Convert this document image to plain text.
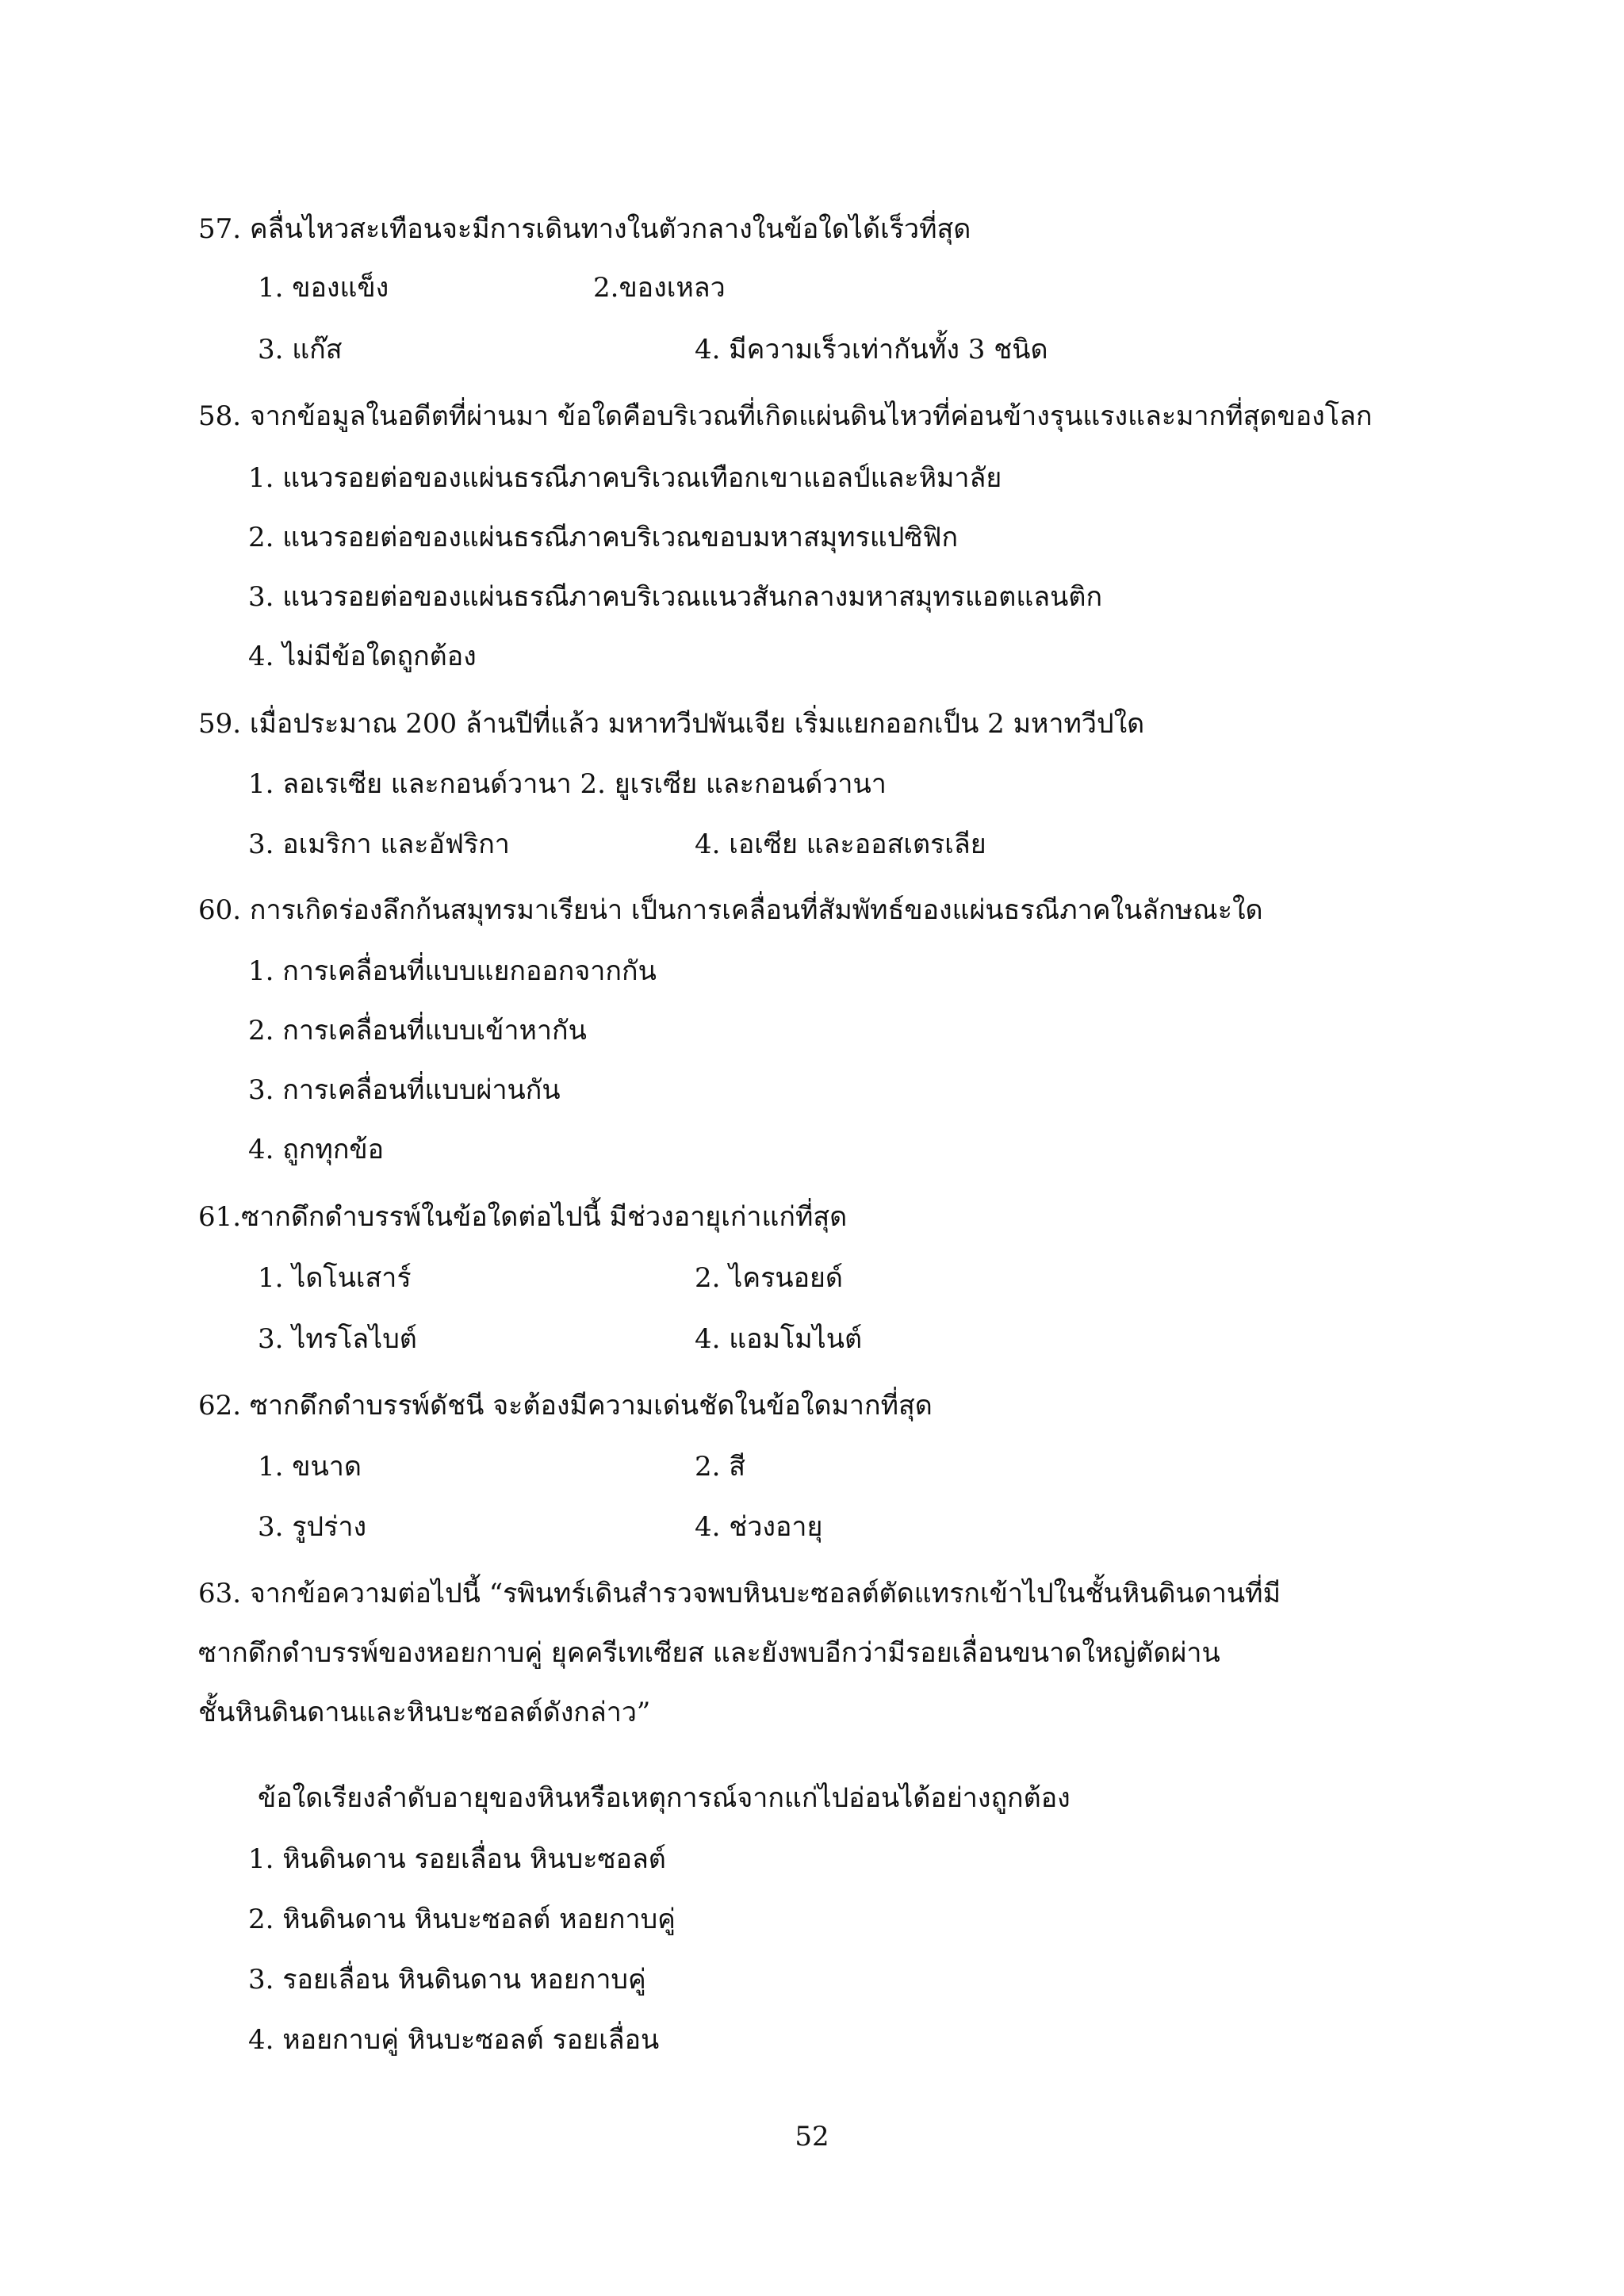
57. คลื่นไหวสะเทือนจะมีการเดินทางในตัวกลางในข้อใดได้เร็วที่สุด
1. ของแข็ง	2.ของเหลว
3. แก๊ส	4. มีความเร็วเท่ากันทั้ง 3 ชนิด
58. จากข้อมูลในอดีตที่ผ่านมา ข้อใดคือบริเวณที่เกิดแผ่นดินไหวที่ค่อนข้างรุนแรงและมากที่สุดของโลก
1. แนวรอยต่อของแผ่นธรณีภาคบริเวณเทือกเขาแอลป์และหิมาลัย
2. แนวรอยต่อของแผ่นธรณีภาคบริเวณขอบมหาสมุทรแปซิฟิก
3. แนวรอยต่อของแผ่นธรณีภาคบริเวณแนวสันกลางมหาสมุทรแอตแลนติก
4. ไม่มีข้อใดถูกต้อง
59. เมื่อประมาณ 200 ล้านปีที่แล้ว มหาทวีปพันเจีย เริ่มแยกออกเป็น 2 มหาทวีปใด
1. ลอเรเซีย และกอนด์วานา 2. ยูเรเซีย และกอนด์วานา
3. อเมริกา และอัฟริกา	4. เอเซีย และออสเตรเลีย
60. การเกิดร่องลึกก้นสมุทรมาเรียน่า เป็นการเคลื่อนที่สัมพัทธ์ของแผ่นธรณีภาคในลักษณะใด
1. การเคลื่อนที่แบบแยกออกจากกัน
2. การเคลื่อนที่แบบเข้าหากัน
3. การเคลื่อนที่แบบผ่านกัน
4. ถูกทุกข้อ
61.ซากดึกดำบรรพ์ในข้อใดต่อไปนี้ มีช่วงอายุเก่าแก่ที่สุด
1. ไดโนเสาร์	2. ไครนอยด์
3. ไทรโลไบต์	4. แอมโมไนต์
62. ซากดึกดำบรรพ์ดัชนี จะต้องมีความเด่นชัดในข้อใดมากที่สุด
1. ขนาด	2. สี
3. รูปร่าง	4. ช่วงอายุ
63. จากข้อความต่อไปนี้ “รพินทร์เดินสำรวจพบหินบะซอลต์ตัดแทรกเข้าไปในชั้นหินดินดานที่มี
ซากดึกดำบรรพ์ของหอยกาบคู่ ยุคครีเทเซียส และยังพบอีกว่ามีรอยเลื่อนขนาดใหญ่ตัดผ่าน
ชั้นหินดินดานและหินบะซอลต์ดังกล่าว”
ข้อใดเรียงลำดับอายุของหินหรือเหตุการณ์จากแก่ไปอ่อนได้อย่างถูกต้อง
1. หินดินดาน รอยเลื่อน หินบะซอลต์
2. หินดินดาน หินบะซอลต์ หอยกาบคู่
3. รอยเลื่อน หินดินดาน หอยกาบคู่
4. หอยกาบคู่ หินบะซอลต์ รอยเลื่อน
52
